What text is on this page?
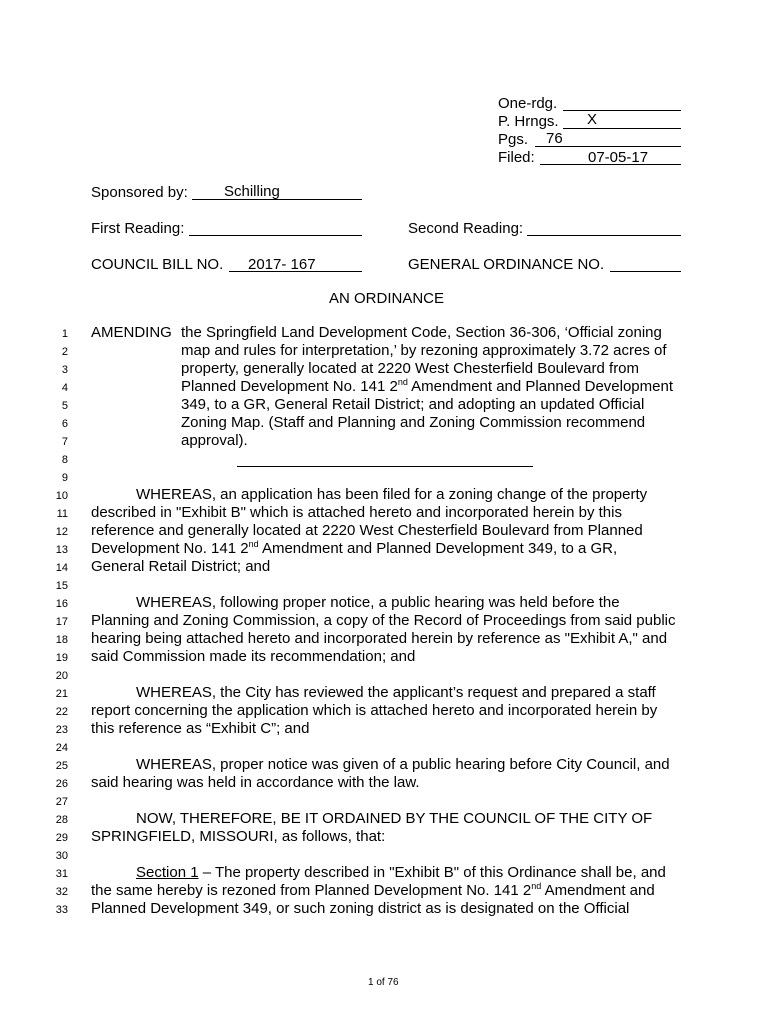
One-rdg.
P. Hrngs. X
Pgs. 76
Filed:	07-05-17
Sponsored by: Schilling
First Reading:	Second Reading:
COUNCIL BILL NO. 2017- 167	GENERAL ORDINANCE NO.
AN ORDINANCE
1
2
3
4
5
6
7
8
9
10
11
12
13
14
15
16
17
18
19
20
21
22
23
24
25
26
27
28
29
30
31
32
33
AMENDING the Springfield Land Development Code, Section 36-306, ‘Official zoning
map and rules for interpretation,’ by rezoning approximately 3.72 acres of
property, generally located at 2220 West Chesterfield Boulevard from
Planned Development No. 141 2nd Amendment and Planned Development
349, to a GR, General Retail District; and adopting an updated Official
Zoning Map. (Staff and Planning and Zoning Commission recommend
approval).
WHEREAS, an application has been filed for a zoning change of the property
described in "Exhibit B" which is attached hereto and incorporated herein by this
reference and generally located at 2220 West Chesterfield Boulevard from Planned
Development No. 141 2nd Amendment and Planned Development 349, to a GR,
General Retail District; and
WHEREAS, following proper notice, a public hearing was held before the
Planning and Zoning Commission, a copy of the Record of Proceedings from said public
hearing being attached hereto and incorporated herein by reference as "Exhibit A," and
said Commission made its recommendation; and
WHEREAS, the City has reviewed the applicant’s request and prepared a staff
report concerning the application which is attached hereto and incorporated herein by
this reference as “Exhibit C”; and
WHEREAS, proper notice was given of a public hearing before City Council, and
said hearing was held in accordance with the law.
NOW, THEREFORE, BE IT ORDAINED BY THE COUNCIL OF THE CITY OF
SPRINGFIELD, MISSOURI, as follows, that:
Section 1 – The property described in "Exhibit B" of this Ordinance shall be, and
the same hereby is rezoned from Planned Development No. 141 2nd Amendment and
Planned Development 349, or such zoning district as is designated on the Official
1 of 76
